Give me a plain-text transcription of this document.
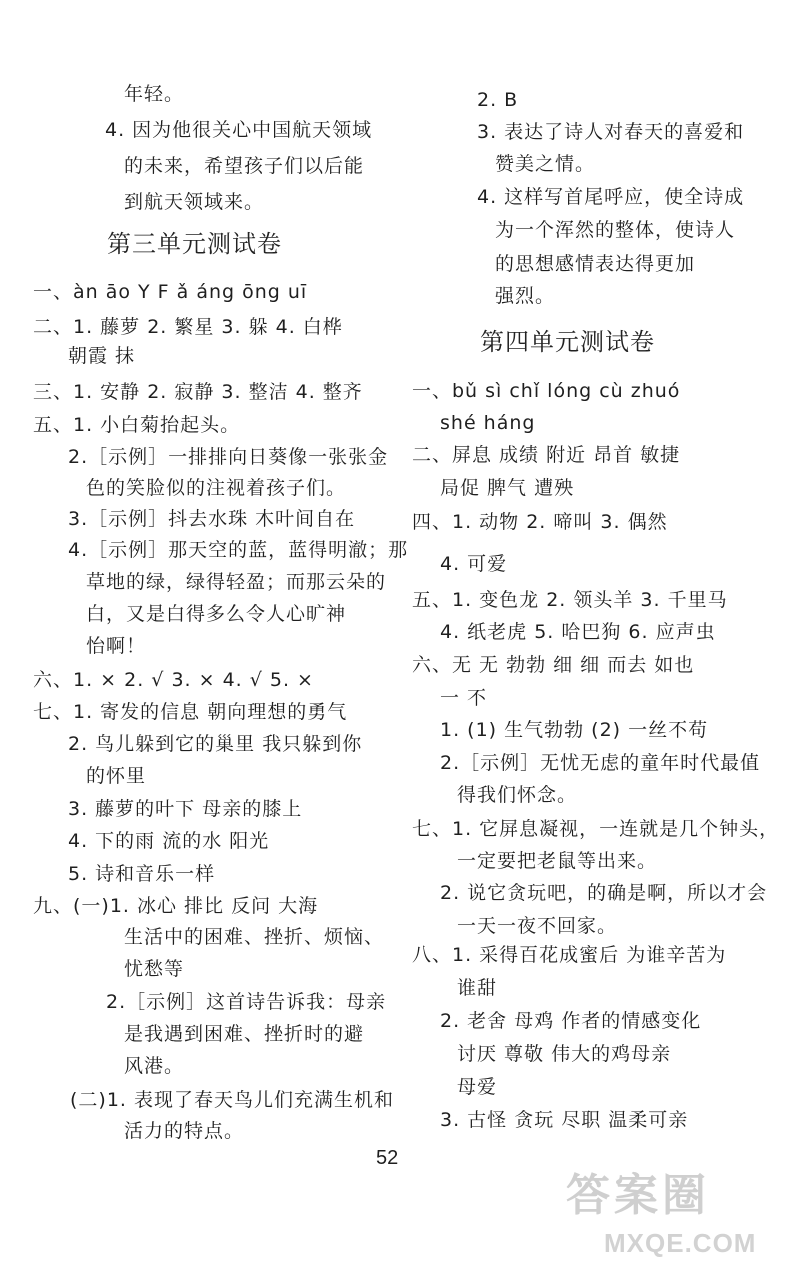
年轻。
4. 因为他很关心中国航天领域
的未来，希望孩子们以后能
到航天领域来。
第三单元测试卷
一、àn āo Y F ǎ áng ōng uī
二、1. 藤萝 2. 繁星 3. 躲 4. 白桦
朝霞 抹
三、1. 安静 2. 寂静 3. 整洁 4. 整齐
五、1. 小白菊抬起头。
2.［示例］一排排向日葵像一张张金
色的笑脸似的注视着孩子们。
3.［示例］抖去水珠 木叶间自在
4.［示例］那天空的蓝，蓝得明澈；那
草地的绿，绿得轻盈；而那云朵的
白，又是白得多么令人心旷神
怡啊！
六、1. × 2. √ 3. × 4. √ 5. ×
七、1. 寄发的信息 朝向理想的勇气
2. 鸟儿躲到它的巢里 我只躲到你
的怀里
3. 藤萝的叶下 母亲的膝上
4. 下的雨 流的水 阳光
5. 诗和音乐一样
九、(一)1. 冰心 排比 反问 大海
生活中的困难、挫折、烦恼、
忧愁等
2.［示例］这首诗告诉我：母亲
是我遇到困难、挫折时的避
风港。
(二)1. 表现了春天鸟儿们充满生机和
活力的特点。
2. B
3. 表达了诗人对春天的喜爱和
赞美之情。
4. 这样写首尾呼应，使全诗成
为一个浑然的整体，使诗人
的思想感情表达得更加
强烈。
第四单元测试卷
一、bǔ sì chǐ lóng cù zhuó
shé háng
二、屏息 成绩 附近 昂首 敏捷
局促 脾气 遭殃
四、1. 动物 2. 啼叫 3. 偶然
4. 可爱
五、1. 变色龙 2. 领头羊 3. 千里马
4. 纸老虎 5. 哈巴狗 6. 应声虫
六、无 无 勃勃 细 细 而去 如也
一 不
1. (1) 生气勃勃 (2) 一丝不苟
2.［示例］无忧无虑的童年时代最值
得我们怀念。
七、1. 它屏息凝视，一连就是几个钟头，
一定要把老鼠等出来。
2. 说它贪玩吧，的确是啊，所以才会
一天一夜不回家。
八、1. 采得百花成蜜后 为谁辛苦为
谁甜
2. 老舍 母鸡 作者的情感变化
讨厌 尊敬 伟大的鸡母亲
母爱
3. 古怪 贪玩 尽职 温柔可亲
52
答案圈
MXQE.COM
